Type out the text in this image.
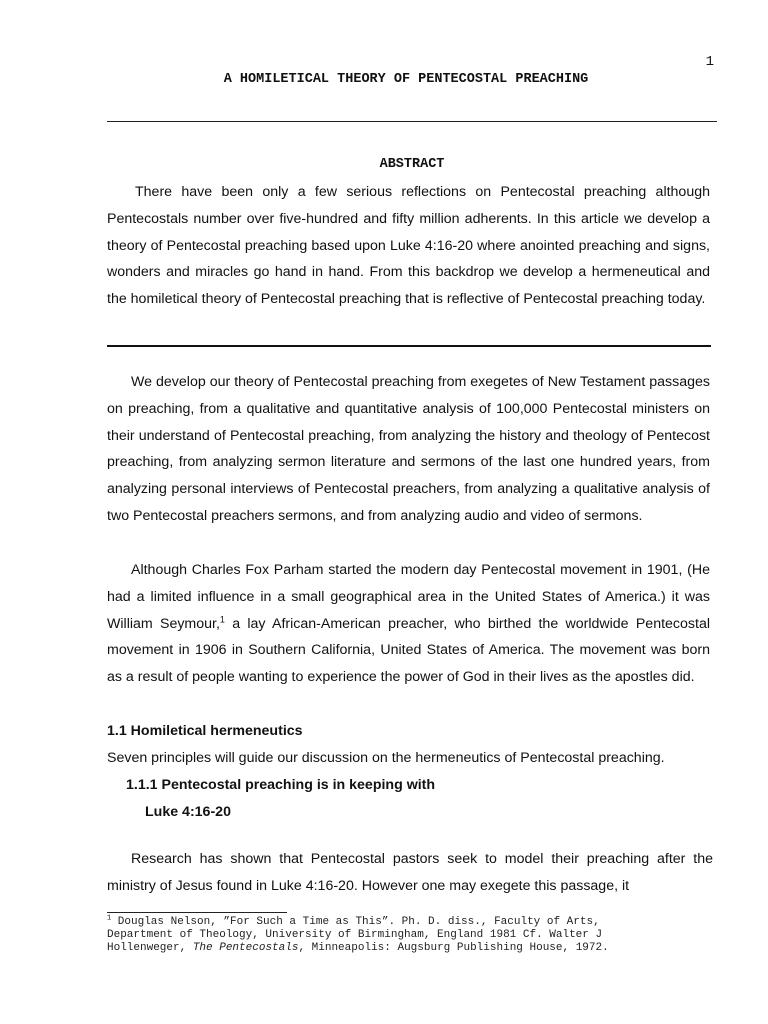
1
A HOMILETICAL THEORY OF PENTECOSTAL PREACHING
ABSTRACT
There have been only a few serious reflections on Pentecostal preaching although Pentecostals number over five-hundred and fifty million adherents. In this article we develop a theory of Pentecostal preaching based upon Luke 4:16-20 where anointed preaching and signs, wonders and miracles go hand in hand. From this backdrop we develop a hermeneutical and the homiletical theory of Pentecostal preaching that is reflective of Pentecostal preaching today.
We develop our theory of Pentecostal preaching from exegetes of New Testament passages on preaching, from a qualitative and quantitative analysis of 100,000 Pentecostal ministers on their understand of Pentecostal preaching, from analyzing the history and theology of Pentecost preaching, from analyzing sermon literature and sermons of the last one hundred years, from analyzing personal interviews of Pentecostal preachers, from analyzing a qualitative analysis of two Pentecostal preachers sermons, and from analyzing audio and video of sermons.
Although Charles Fox Parham started the modern day Pentecostal movement in 1901, (He had a limited influence in a small geographical area in the United States of America.) it was William Seymour,$^1$ a lay African-American preacher, who birthed the worldwide Pentecostal movement in 1906 in Southern California, United States of America. The movement was born as a result of people wanting to experience the power of God in their lives as the apostles did.
1.1 Homiletical hermeneutics
Seven principles will guide our discussion on the hermeneutics of Pentecostal preaching.
1.1.1 Pentecostal preaching is in keeping with
Luke 4:16-20
Research has shown that Pentecostal pastors seek to model their preaching after the ministry of Jesus found in Luke 4:16-20. However one may exegete this passage, it
$^1$ Douglas Nelson, ”For Such a Time as This”. Ph. D. diss., Faculty of Arts,
Department of Theology, University of Birmingham, England 1981 Cf. Walter J
Hollenweger, The Pentecostals, Minneapolis: Augsburg Publishing House, 1972.
